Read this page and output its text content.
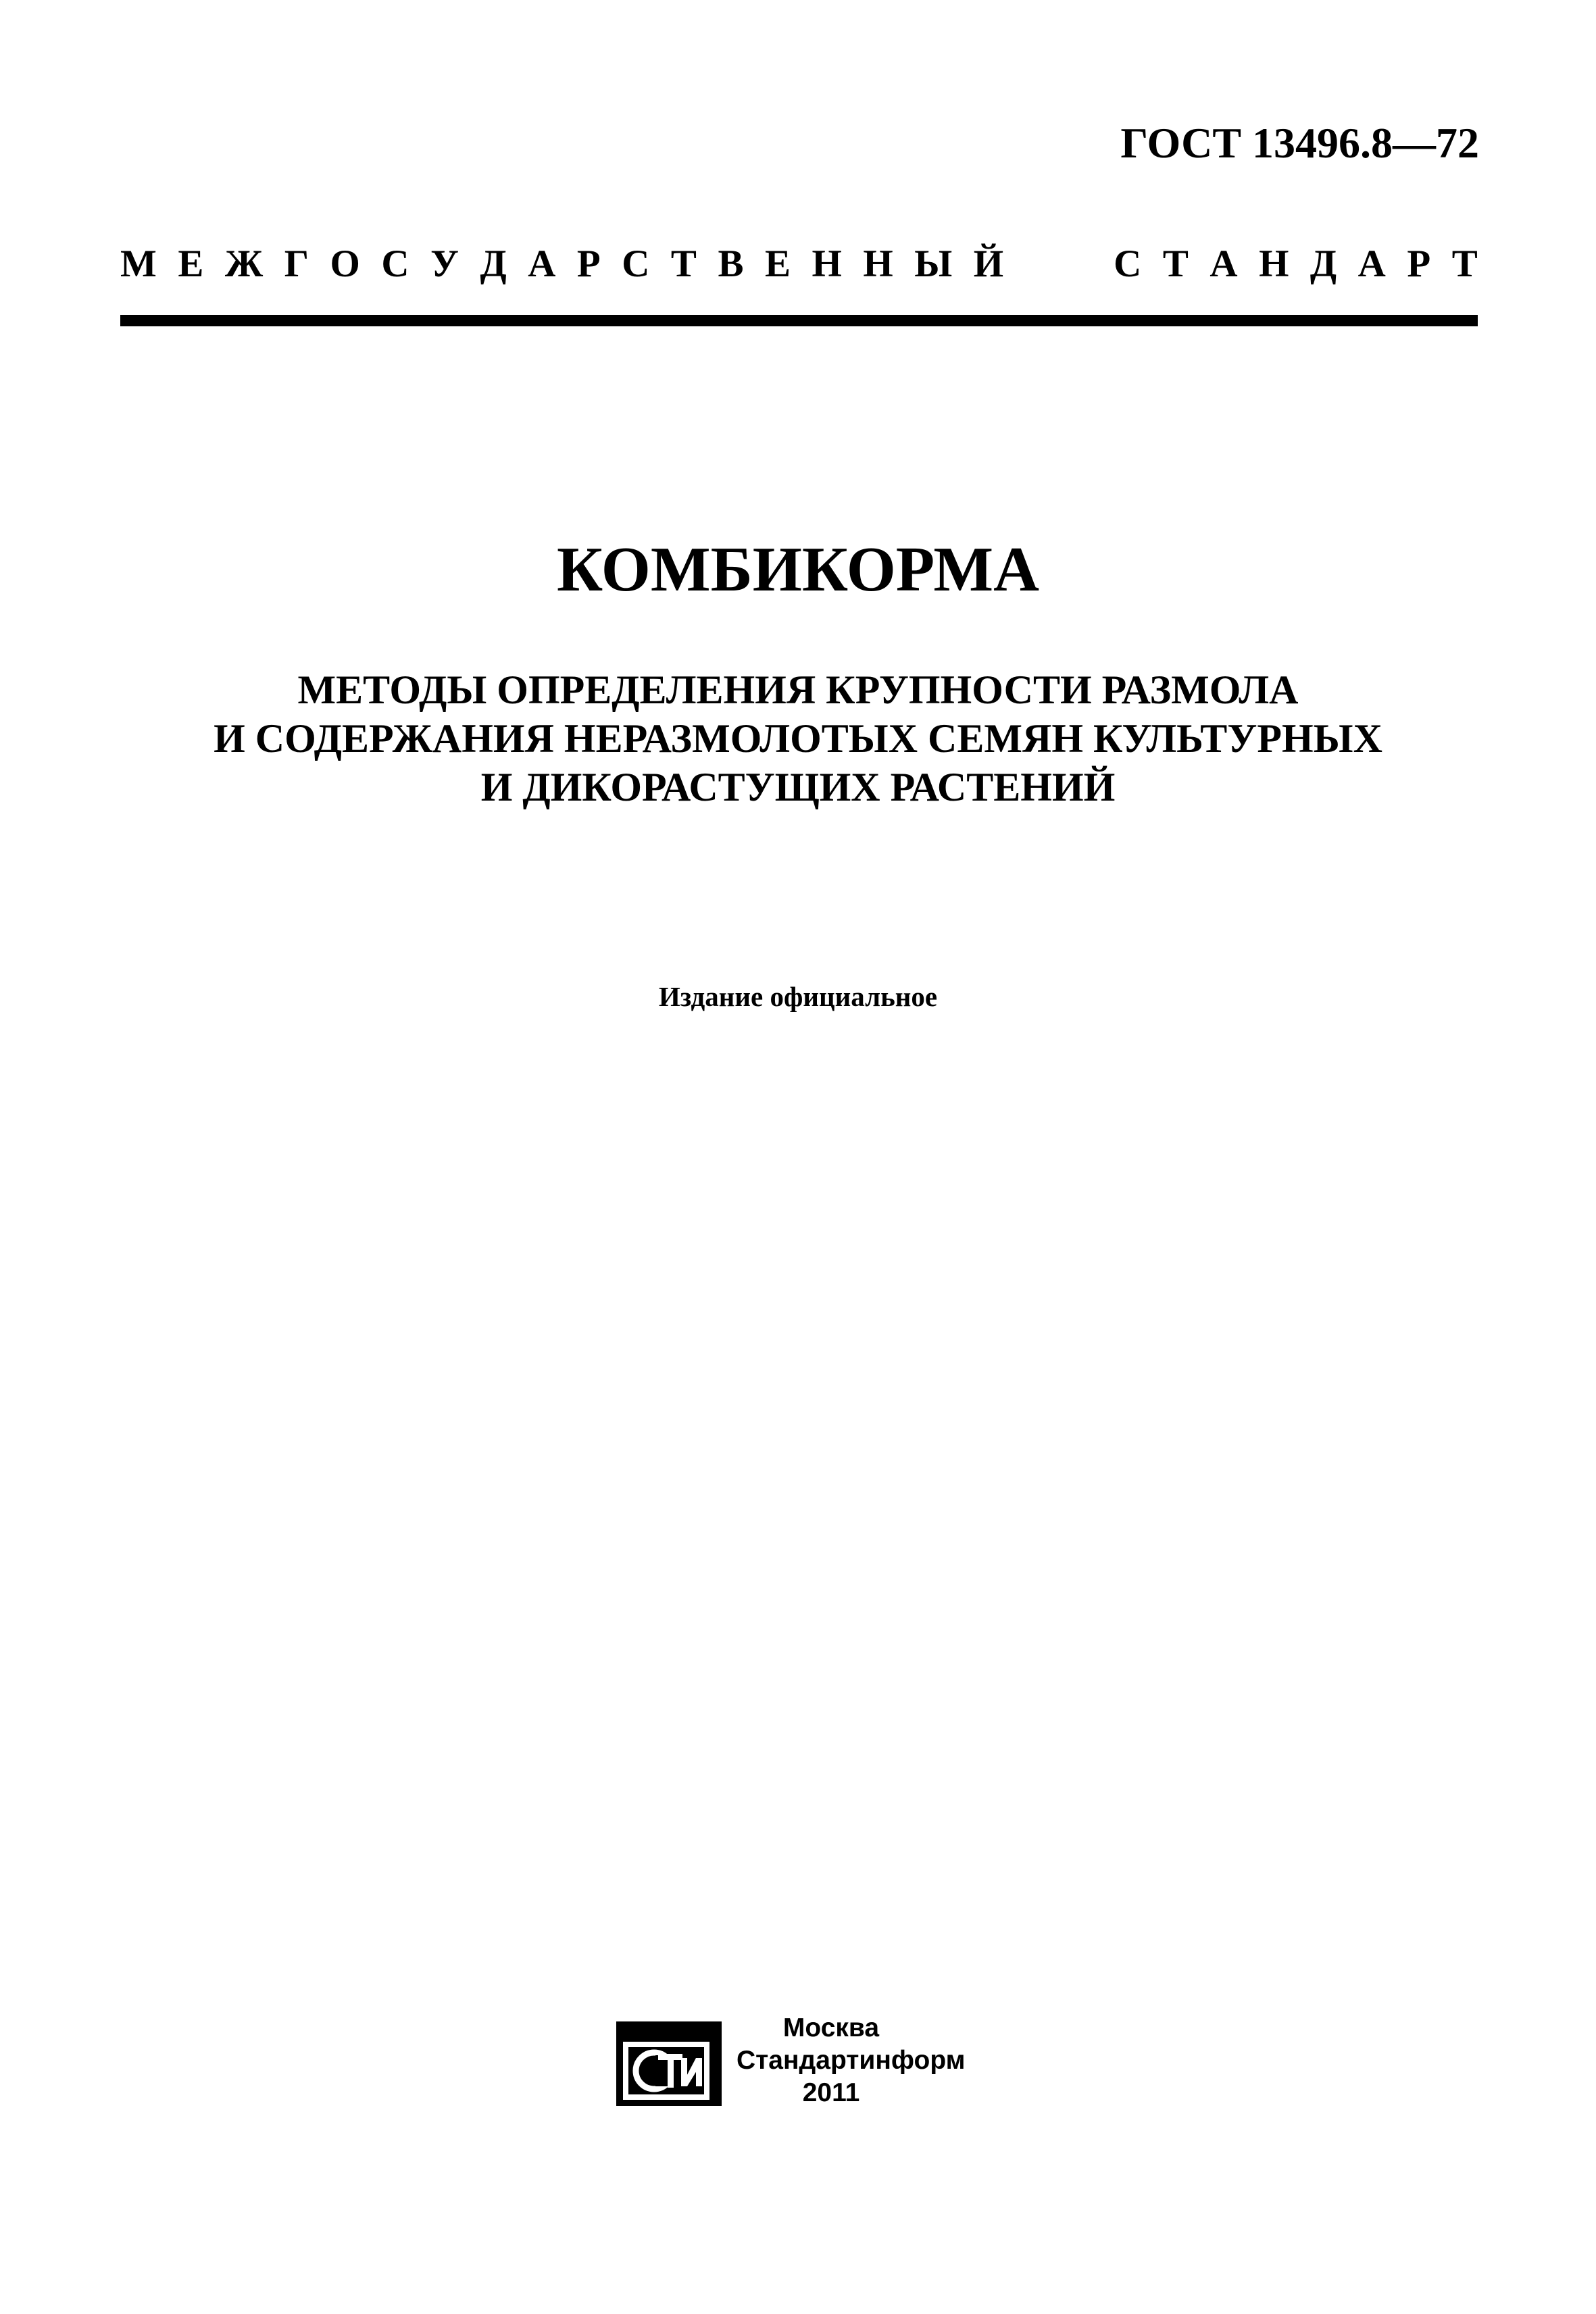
ГОСТ 13496.8—72
М Е Ж Г О С У Д А Р С Т В Е Н Н Ы Й	С Т А Н Д А Р Т
КОМБИКОРМА
МЕТОДЫ ОПРЕДЕЛЕНИЯ КРУПНОСТИ РАЗМОЛА
И СОДЕРЖАНИЯ НЕРАЗМОЛОТЫХ СЕМЯН КУЛЬТУРНЫХ
И ДИКОРАСТУЩИХ РАСТЕНИЙ
Издание официальное
Москва
Стандартинформ
2011
